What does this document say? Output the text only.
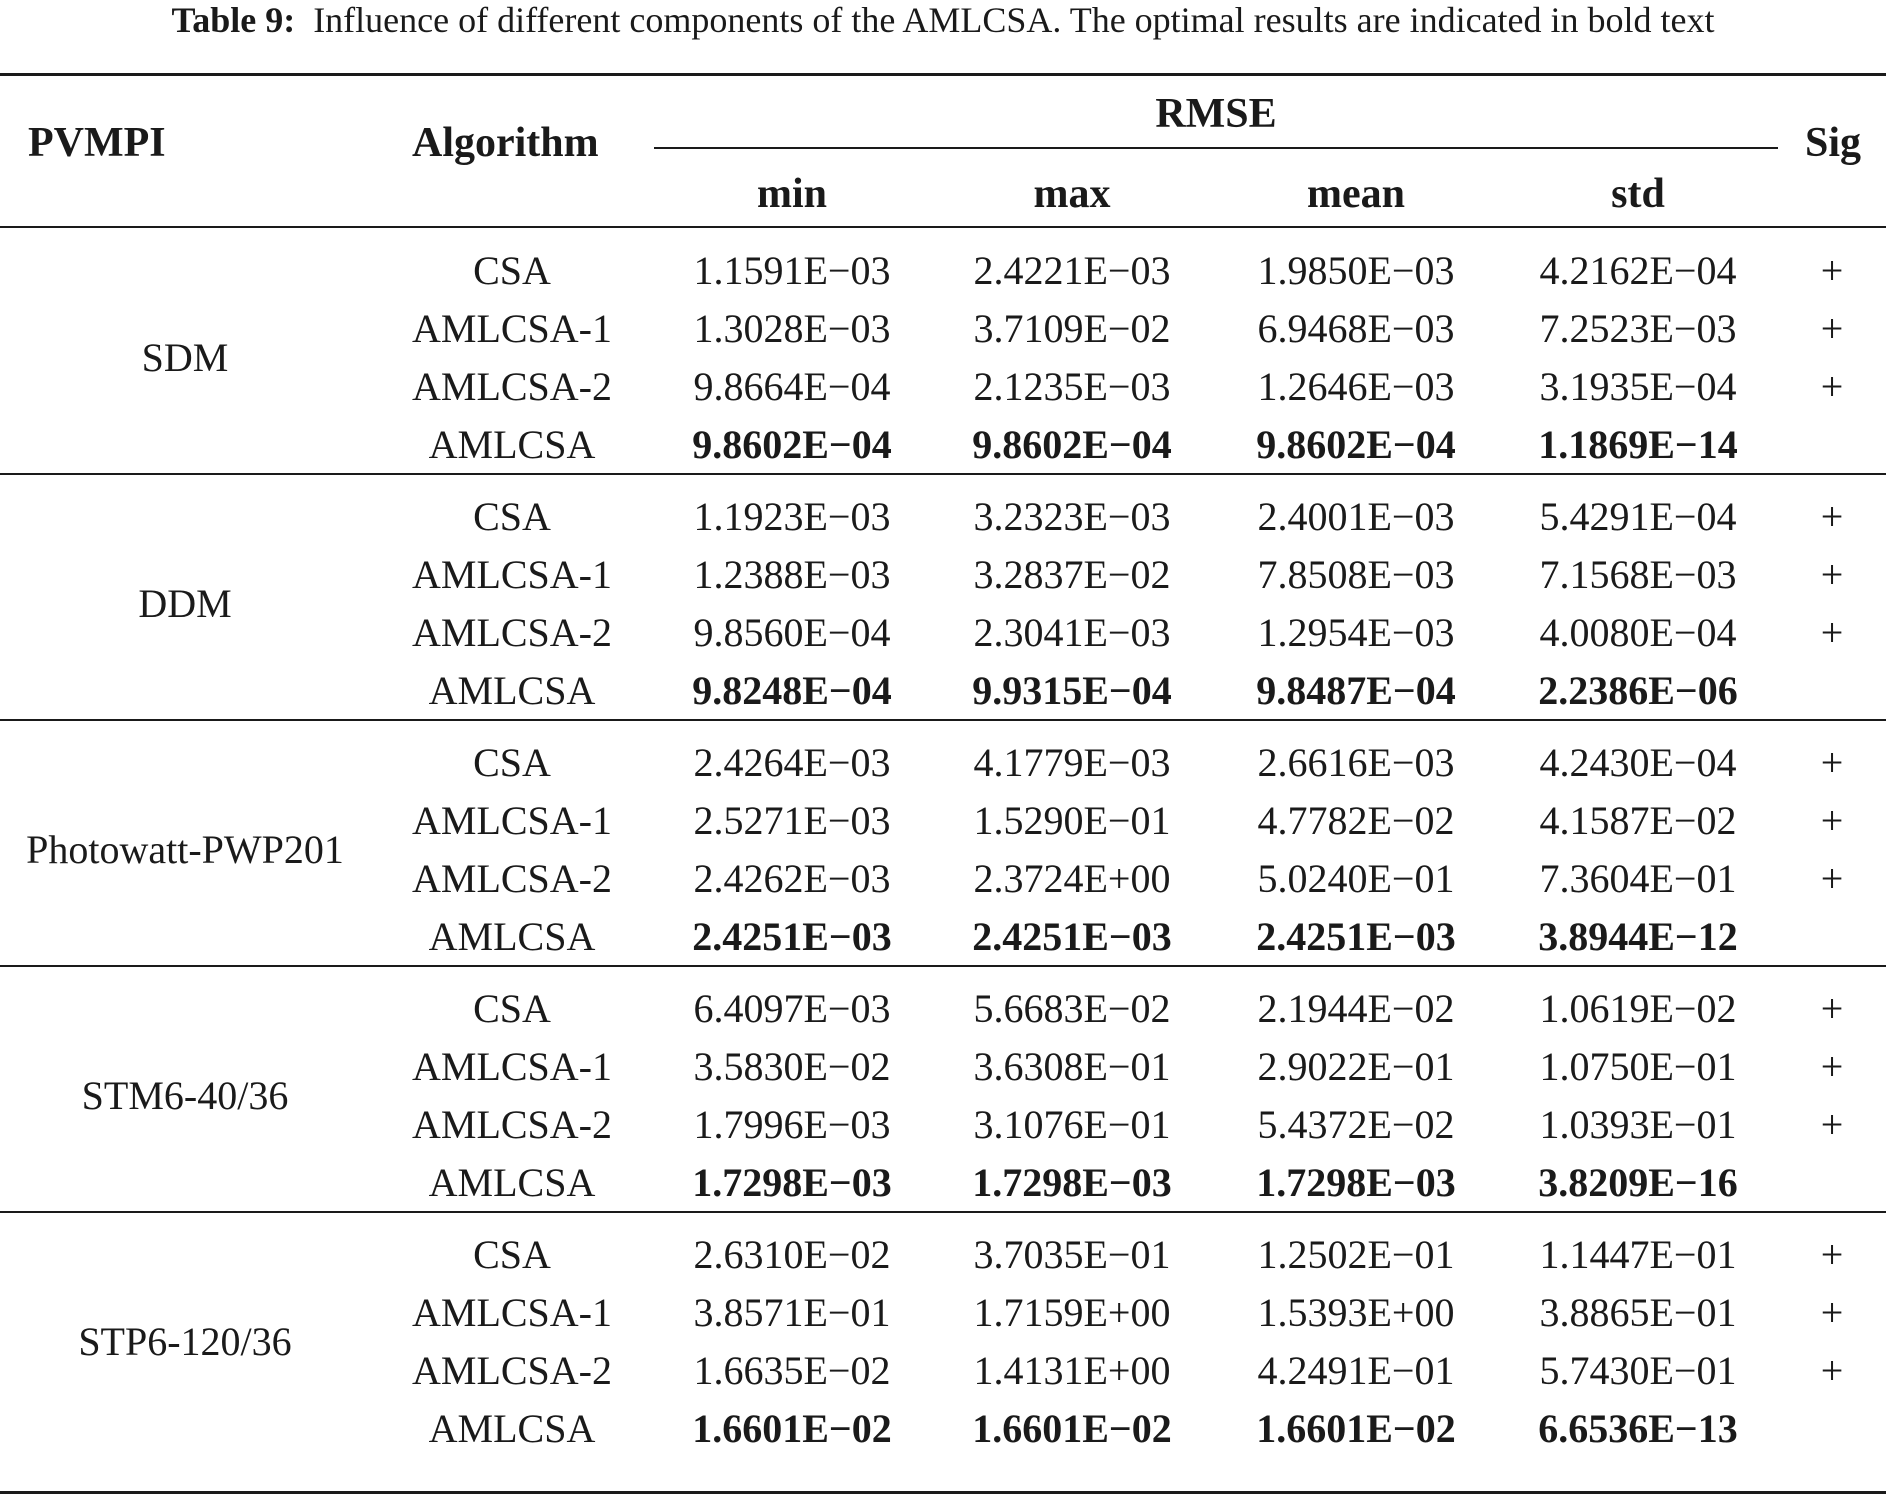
Table 9: Influence of different components of the AMLCSA. The optimal results are indicated in bold text
PVMPI	Algorithm
RMSE
Sig
min	max	mean	std

SDM	CSA	1.1591E−03	2.4221E−03	1.9850E−03	4.2162E−04	+
	AMLCSA-1	1.3028E−03	3.7109E−02	6.9468E−03	7.2523E−03	+
	AMLCSA-2	9.8664E−04	2.1235E−03	1.2646E−03	3.1935E−04	+
	AMLCSA	9.8602E−04	9.8602E−04	9.8602E−04	1.1869E−14	

DDM	CSA	1.1923E−03	3.2323E−03	2.4001E−03	5.4291E−04	+
	AMLCSA-1	1.2388E−03	3.2837E−02	7.8508E−03	7.1568E−03	+
	AMLCSA-2	9.8560E−04	2.3041E−03	1.2954E−03	4.0080E−04	+
	AMLCSA	9.8248E−04	9.9315E−04	9.8487E−04	2.2386E−06	

Photowatt-PWP201	CSA	2.4264E−03	4.1779E−03	2.6616E−03	4.2430E−04	+
	AMLCSA-1	2.5271E−03	1.5290E−01	4.7782E−02	4.1587E−02	+
	AMLCSA-2	2.4262E−03	2.3724E+00	5.0240E−01	7.3604E−01	+
	AMLCSA	2.4251E−03	2.4251E−03	2.4251E−03	3.8944E−12	

STM6-40/36	CSA	6.4097E−03	5.6683E−02	2.1944E−02	1.0619E−02	+
	AMLCSA-1	3.5830E−02	3.6308E−01	2.9022E−01	1.0750E−01	+
	AMLCSA-2	1.7996E−03	3.1076E−01	5.4372E−02	1.0393E−01	+
	AMLCSA	1.7298E−03	1.7298E−03	1.7298E−03	3.8209E−16	

STP6-120/36	CSA	2.6310E−02	3.7035E−01	1.2502E−01	1.1447E−01	+
	AMLCSA-1	3.8571E−01	1.7159E+00	1.5393E+00	3.8865E−01	+
	AMLCSA-2	1.6635E−02	1.4131E+00	4.2491E−01	5.7430E−01	+
	AMLCSA	1.6601E−02	1.6601E−02	1.6601E−02	6.6536E−13	
